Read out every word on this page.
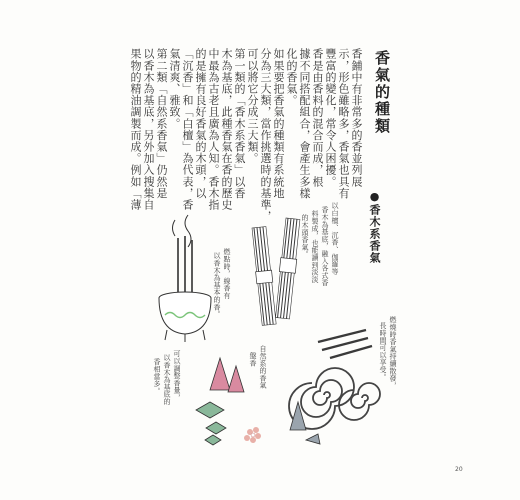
香氣的種類
香鋪中有非常多的香並列展
示，形色雖略多，香氣也具有
豐富的變化，常令人困擾。
香是由香料的混合而成，根
據不同搭配組合，會產生多樣
化的香氣。
如果要把香氣的種類有系統地
分為三大類，當作挑選時的基準，
可以將它分成三大類。
第一類的「香木系香氣」以香
木為基底，此種香氣在香的歷史
中最為古老且廣為人知。香木指
的是擁有良好香氣的木頭，以
「沉香」和「白檀」為代表，香
氣清爽、雅致。
第二類「自然系香氣」仍然是
以香木為基底，另外加入搜集自
果物的精油調製而成。例如「薄
●香木系香氣
以白檀、沉香、伽羅等
香木為基底，融入各式香
料製成，也能讀到淡淡
的木頭香氣。
燃點時，線香有
以香木為基本的香。
可以調整香量，
以香木為基底的
香相當多。	自然系的香氣
盤香	燃燒時香氣持續散發，
長時間可以享受。
20
